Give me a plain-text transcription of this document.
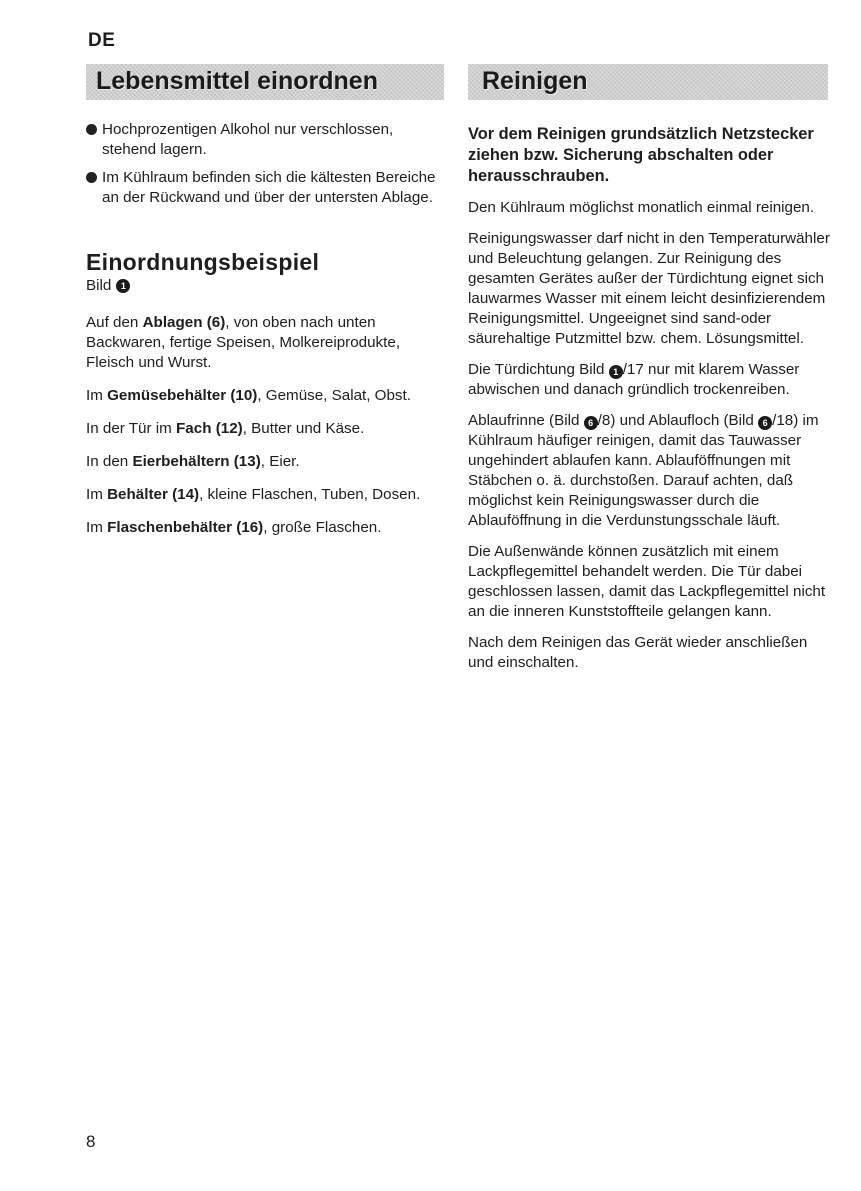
DE
Lebensmittel einordnen	Reinigen
Hochprozentigen Alkohol nur verschlossen, stehend lagern.
Im Kühlraum befinden sich die kältesten Bereiche an der Rückwand und über der untersten Ablage.
Einordnungsbeispiel
Bild	1

Auf den Ablagen (6), von oben nach unten Backwaren, fertige Speisen, Molkereiprodukte, Fleisch und Wurst.

Im Gemüsebehälter (10), Gemüse, Salat, Obst.

In der Tür im Fach (12), Butter und Käse.

In den Eierbehältern (13), Eier.

Im Behälter (14), kleine Flaschen, Tuben, Dosen.

Im Flaschenbehälter (16), große Flaschen.

Vor dem Reinigen grundsätzlich Netzstecker ziehen bzw. Sicherung abschalten oder herausschrauben.

Den Kühlraum möglichst monatlich einmal reinigen.

Reinigungswasser darf nicht in den Temperaturwähler und Beleuchtung gelangen. Zur Reinigung des gesamten Gerätes außer der Türdichtung eignet sich lauwarmes Wasser mit einem leicht desinfizierendem Reinigungsmittel. Ungeeignet sind sand-oder säurehaltige Putzmittel bzw. chem. Lösungsmittel.

Die Türdichtung Bild 1 /17 nur mit klarem Wasser abwischen und danach gründlich trockenreiben.

Ablaufrinne (Bild 6 /8) und Ablaufloch (Bild 6 /18) im Kühlraum häufiger reinigen, damit das Tauwasser ungehindert ablaufen kann. Ablauföffnungen mit Stäbchen o. ä. durchstoßen. Darauf achten, daß möglichst kein Reinigungswasser durch die Ablauföffnung in die Verdunstungsschale läuft.

Die Außenwände können zusätzlich mit einem Lackpflegemittel behandelt werden. Die Tür dabei geschlossen lassen, damit das Lackpflegemittel nicht an die inneren Kunststoffteile gelangen kann.

Nach dem Reinigen das Gerät wieder anschließen und einschalten.

8
